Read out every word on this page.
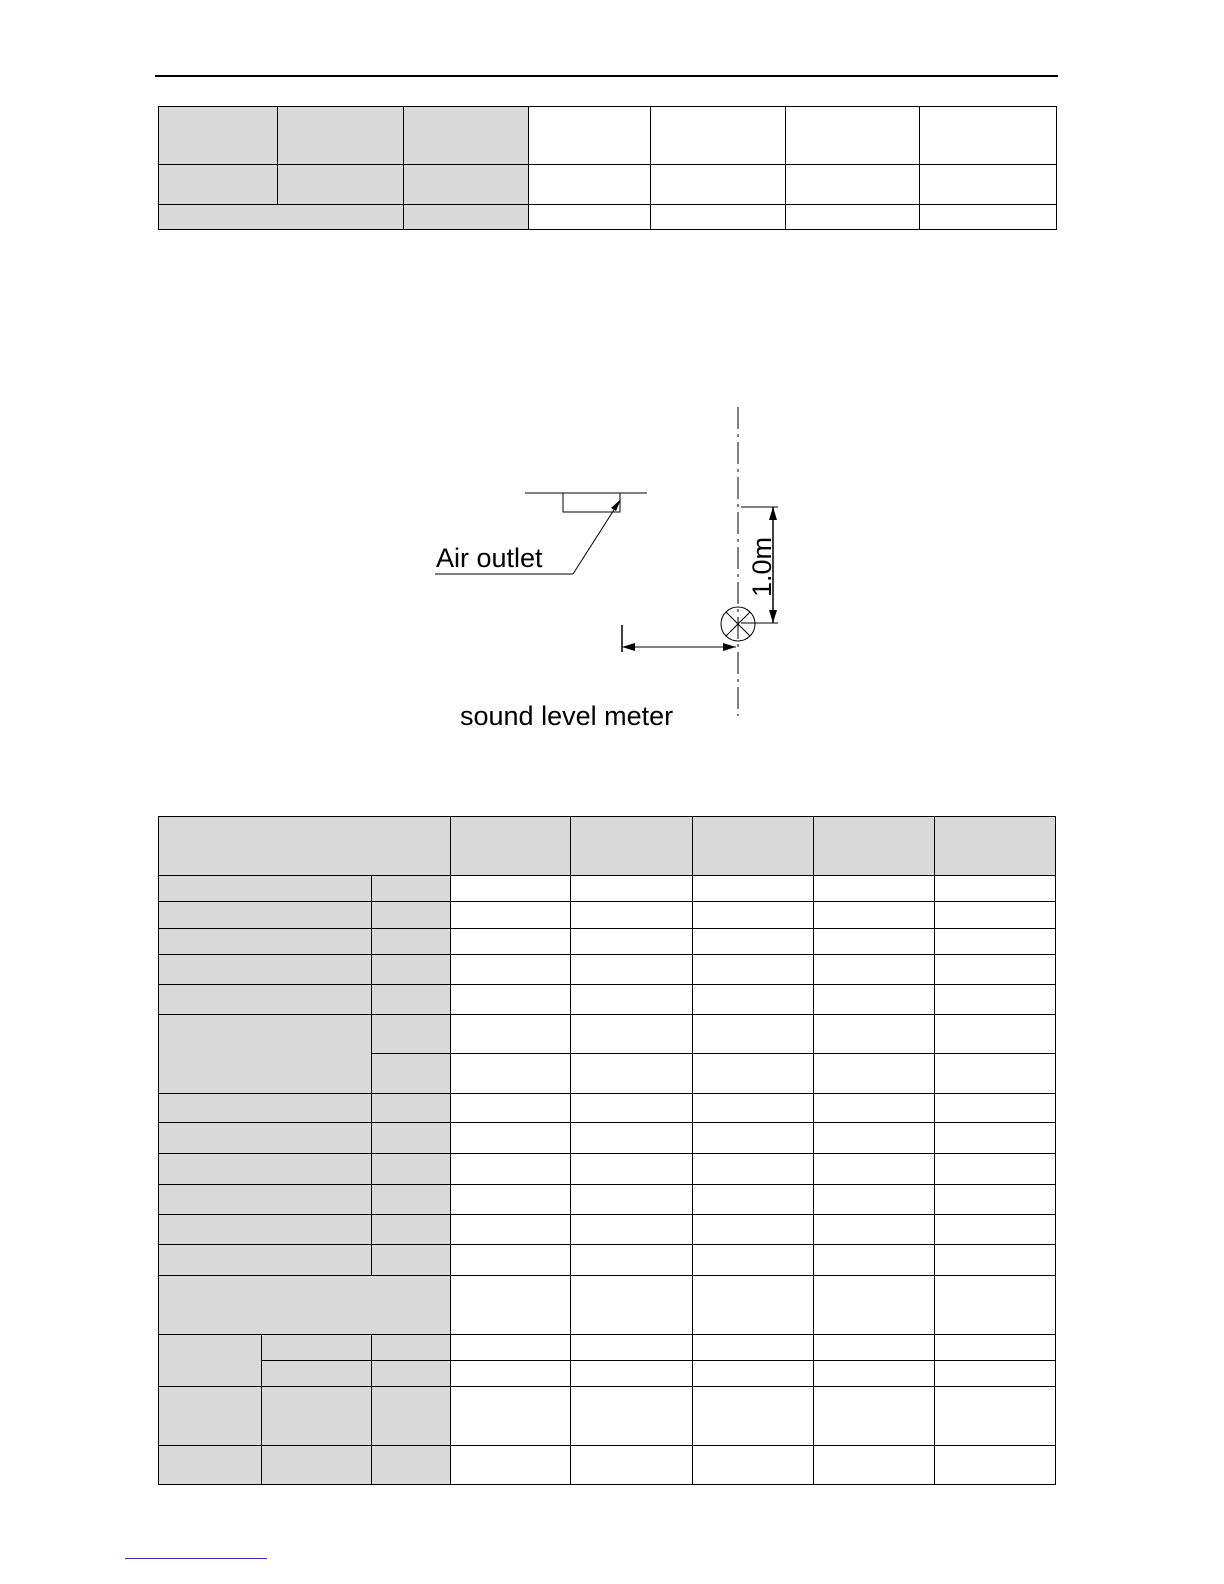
Air outlet	1.0m
sound level meter
